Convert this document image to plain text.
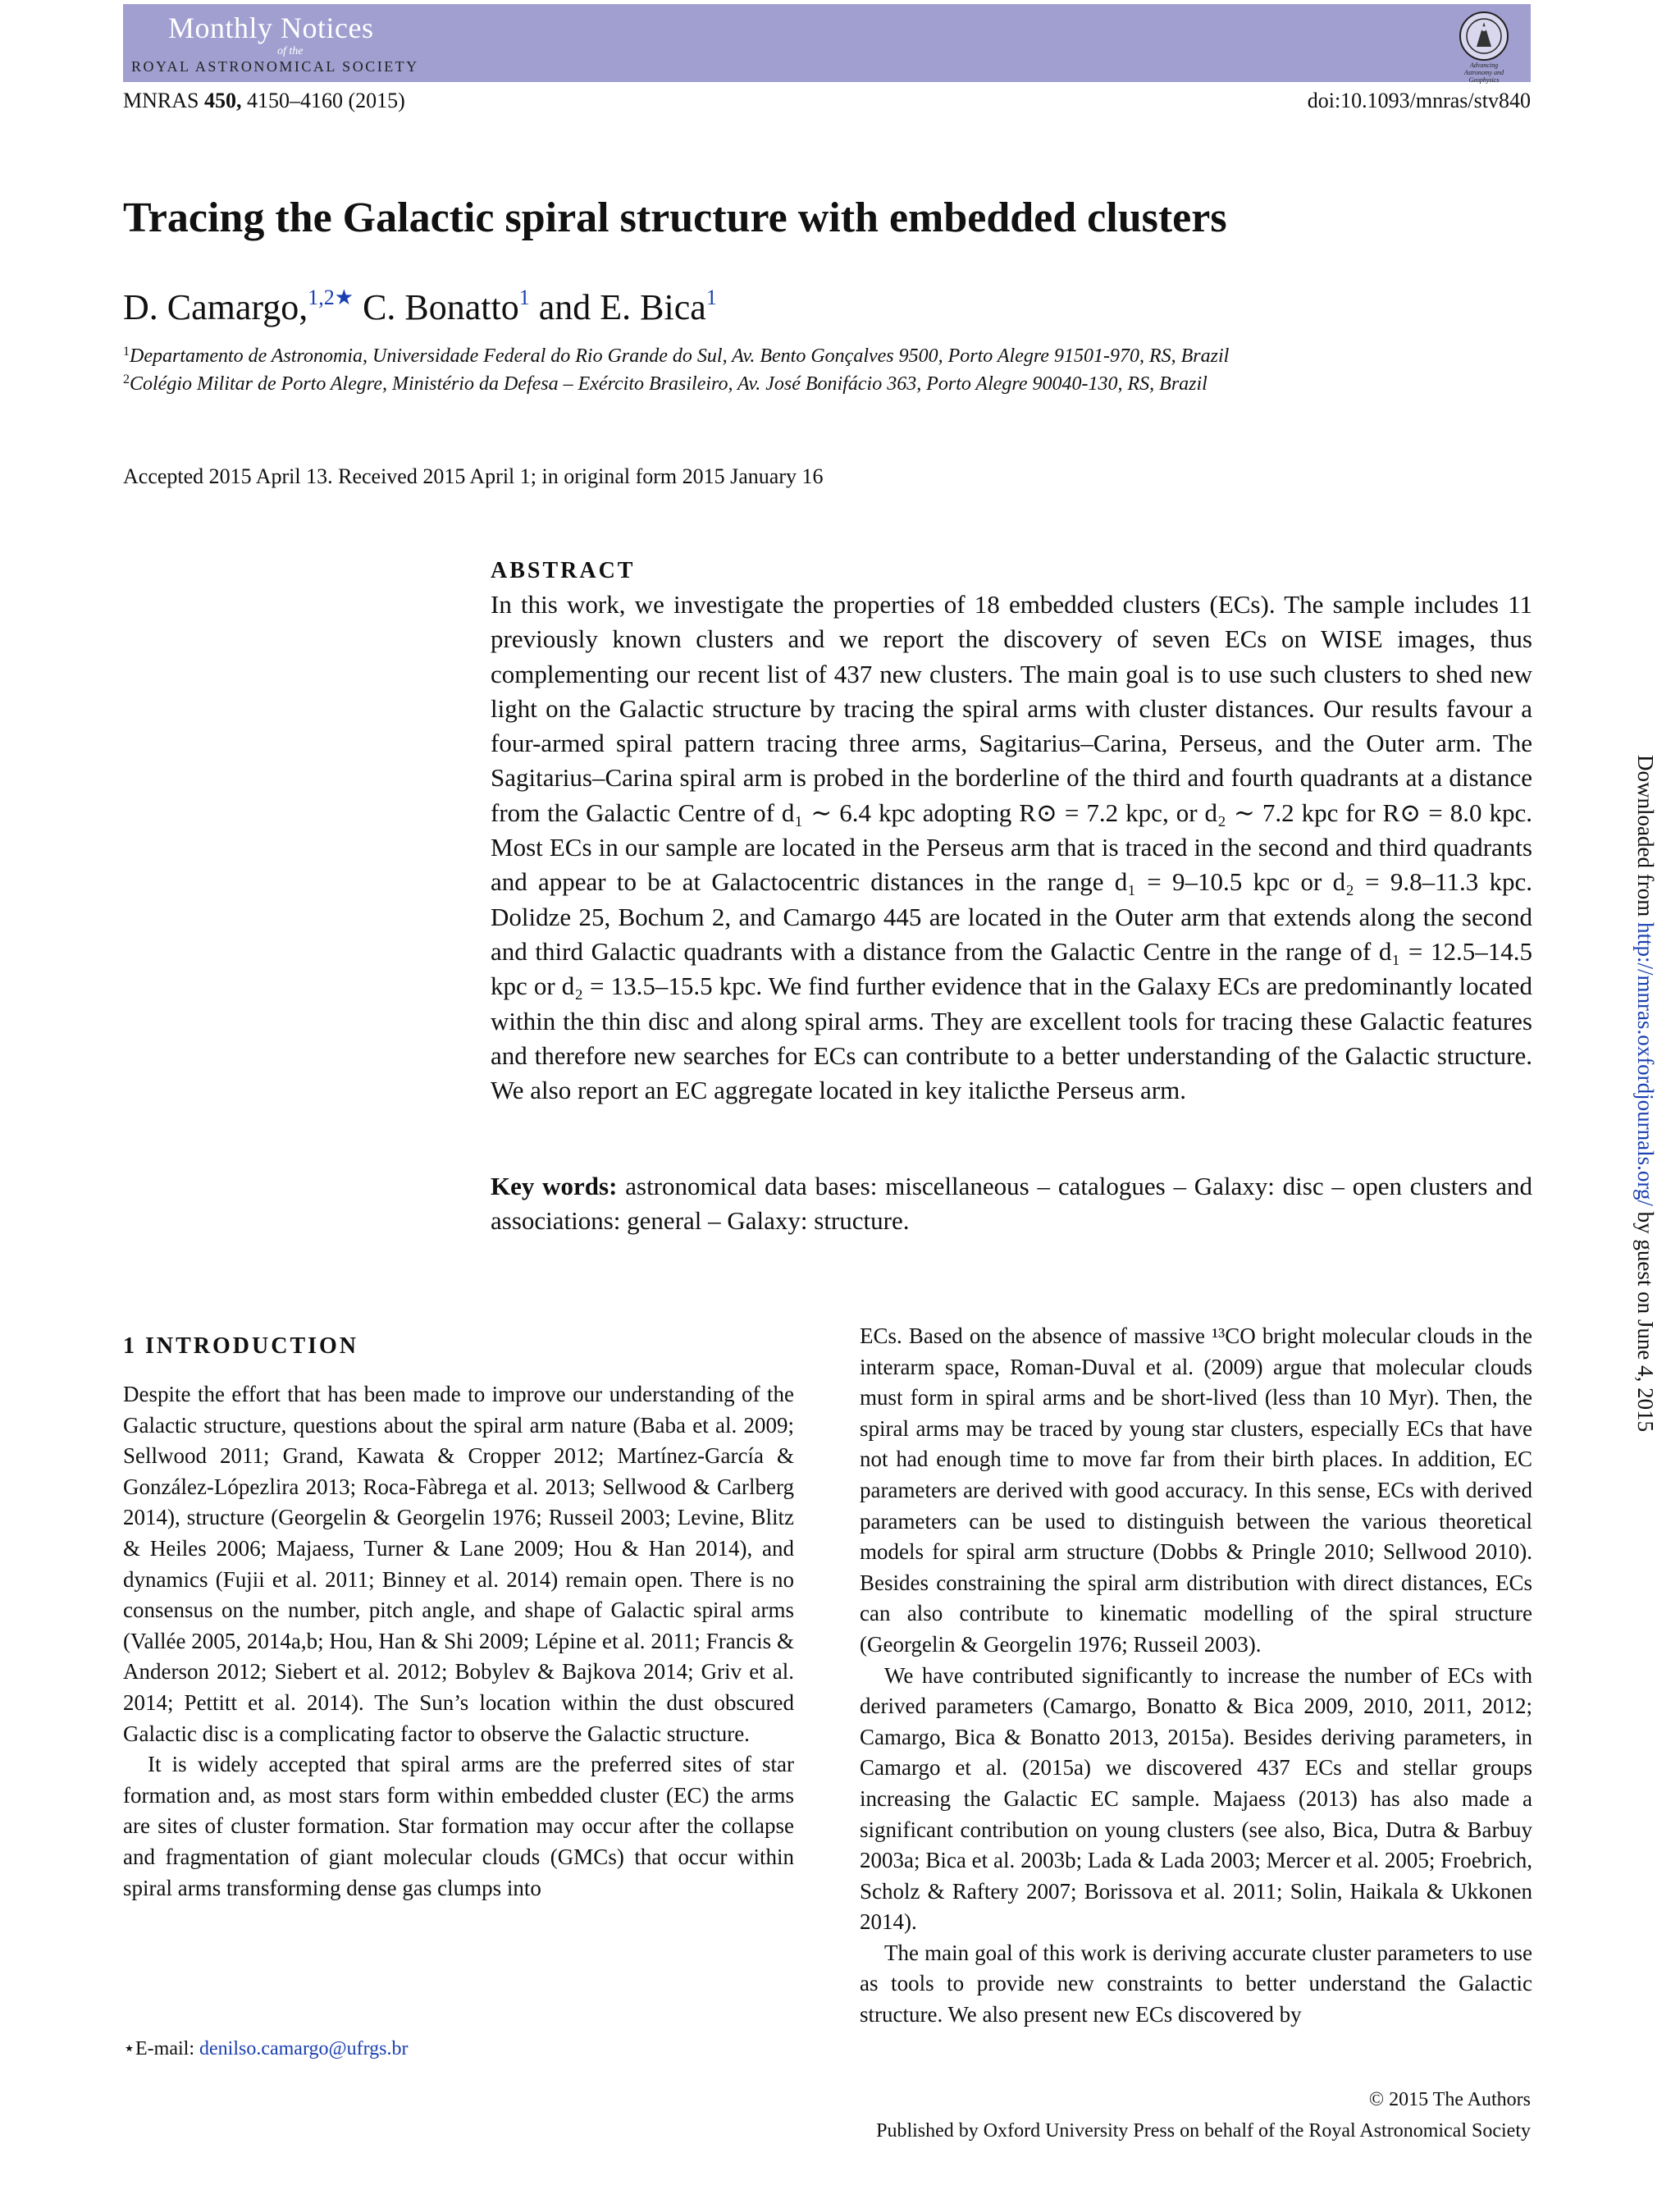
Monthly Notices
of the
ROYAL ASTRONOMICAL SOCIETY	Advancing
Astronomy and
Geophysics
MNRAS 450, 4150–4160 (2015)	doi:10.1093/mnras/stv840
Tracing the Galactic spiral structure with embedded clusters
D. Camargo,$^{1,2★}$ C. Bonatto$^1$ and E. Bica$^1$
$^1$Departamento de Astronomia, Universidade Federal do Rio Grande do Sul, Av. Bento Gonçalves 9500, Porto Alegre 91501-970, RS, Brazil
$^2$Colégio Militar de Porto Alegre, Ministério da Defesa – Exército Brasileiro, Av. José Bonifácio 363, Porto Alegre 90040-130, RS, Brazil
Accepted 2015 April 13. Received 2015 April 1; in original form 2015 January 16
ABSTRACT

In this work, we investigate the properties of 18 embedded clusters (ECs). The sample includes 11 previously known clusters and we report the discovery of seven ECs on WISE images, thus complementing our recent list of 437 new clusters. The main goal is to use such clusters to shed new light on the Galactic structure by tracing the spiral arms with cluster distances. Our results favour a four-armed spiral pattern tracing three arms, Sagitarius–Carina, Perseus, and the Outer arm. The Sagitarius–Carina spiral arm is probed in the borderline of the third and fourth quadrants at a distance from the Galactic Centre of d₁ ∼ 6.4 kpc adopting R⊙ = 7.2 kpc, or d₂ ∼ 7.2 kpc for R⊙ = 8.0 kpc. Most ECs in our sample are located in the Perseus arm that is traced in the second and third quadrants and appear to be at Galactocentric distances in the range d₁ = 9–10.5 kpc or d₂ = 9.8–11.3 kpc. Dolidze 25, Bochum 2, and Camargo 445 are located in the Outer arm that extends along the second and third Galactic quadrants with a distance from the Galactic Centre in the range of d₁ = 12.5–14.5 kpc or d₂ = 13.5–15.5 kpc. We find further evidence that in the Galaxy ECs are predominantly located within the thin disc and along spiral arms. They are excellent tools for tracing these Galactic features and therefore new searches for ECs can contribute to a better understanding of the Galactic structure. We also report an EC aggregate located in key italicthe Perseus arm.

Key words: astronomical data bases: miscellaneous – catalogues – Galaxy: disc – open clusters and associations: general – Galaxy: structure.
1 INTRODUCTION

Despite the effort that has been made to improve our understanding of the Galactic structure, questions about the spiral arm nature (Baba et al. 2009; Sellwood 2011; Grand, Kawata & Cropper 2012; Martínez-García & González-Lópezlira 2013; Roca-Fàbrega et al. 2013; Sellwood & Carlberg 2014), structure (Georgelin & Georgelin 1976; Russeil 2003; Levine, Blitz & Heiles 2006; Majaess, Turner & Lane 2009; Hou & Han 2014), and dynamics (Fujii et al. 2011; Binney et al. 2014) remain open. There is no consensus on the number, pitch angle, and shape of Galactic spiral arms (Vallée 2005, 2014a,b; Hou, Han & Shi 2009; Lépine et al. 2011; Francis & Anderson 2012; Siebert et al. 2012; Bobylev & Bajkova 2014; Griv et al. 2014; Pettitt et al. 2014). The Sun’s location within the dust obscured Galactic disc is a complicating factor to observe the Galactic structure.

It is widely accepted that spiral arms are the preferred sites of star formation and, as most stars form within embedded cluster (EC) the arms are sites of cluster formation. Star formation may occur after the collapse and fragmentation of giant molecular clouds (GMCs) that occur within spiral arms transforming dense gas clumps into

ECs. Based on the absence of massive ¹³CO bright molecular clouds in the interarm space, Roman-Duval et al. (2009) argue that molecular clouds must form in spiral arms and be short-lived (less than 10 Myr). Then, the spiral arms may be traced by young star clusters, especially ECs that have not had enough time to move far from their birth places. In addition, EC parameters are derived with good accuracy. In this sense, ECs with derived parameters can be used to distinguish between the various theoretical models for spiral arm structure (Dobbs & Pringle 2010; Sellwood 2010). Besides constraining the spiral arm distribution with direct distances, ECs can also contribute to kinematic modelling of the spiral structure (Georgelin & Georgelin 1976; Russeil 2003).

We have contributed significantly to increase the number of ECs with derived parameters (Camargo, Bonatto & Bica 2009, 2010, 2011, 2012; Camargo, Bica & Bonatto 2013, 2015a). Besides deriving parameters, in Camargo et al. (2015a) we discovered 437 ECs and stellar groups increasing the Galactic EC sample. Majaess (2013) has also made a significant contribution on young clusters (see also, Bica, Dutra & Barbuy 2003a; Bica et al. 2003b; Lada & Lada 2003; Mercer et al. 2005; Froebrich, Scholz & Raftery 2007; Borissova et al. 2011; Solin, Haikala & Ukkonen 2014).

The main goal of this work is deriving accurate cluster parameters to use as tools to provide new constraints to better understand the Galactic structure. We also present new ECs discovered by

⋆E-mail: denilso.camargo@ufrgs.br
© 2015 The Authors
Published by Oxford University Press on behalf of the Royal Astronomical Society
Downloaded from http://mnras.oxfordjournals.org/ by guest on June 4, 2015
